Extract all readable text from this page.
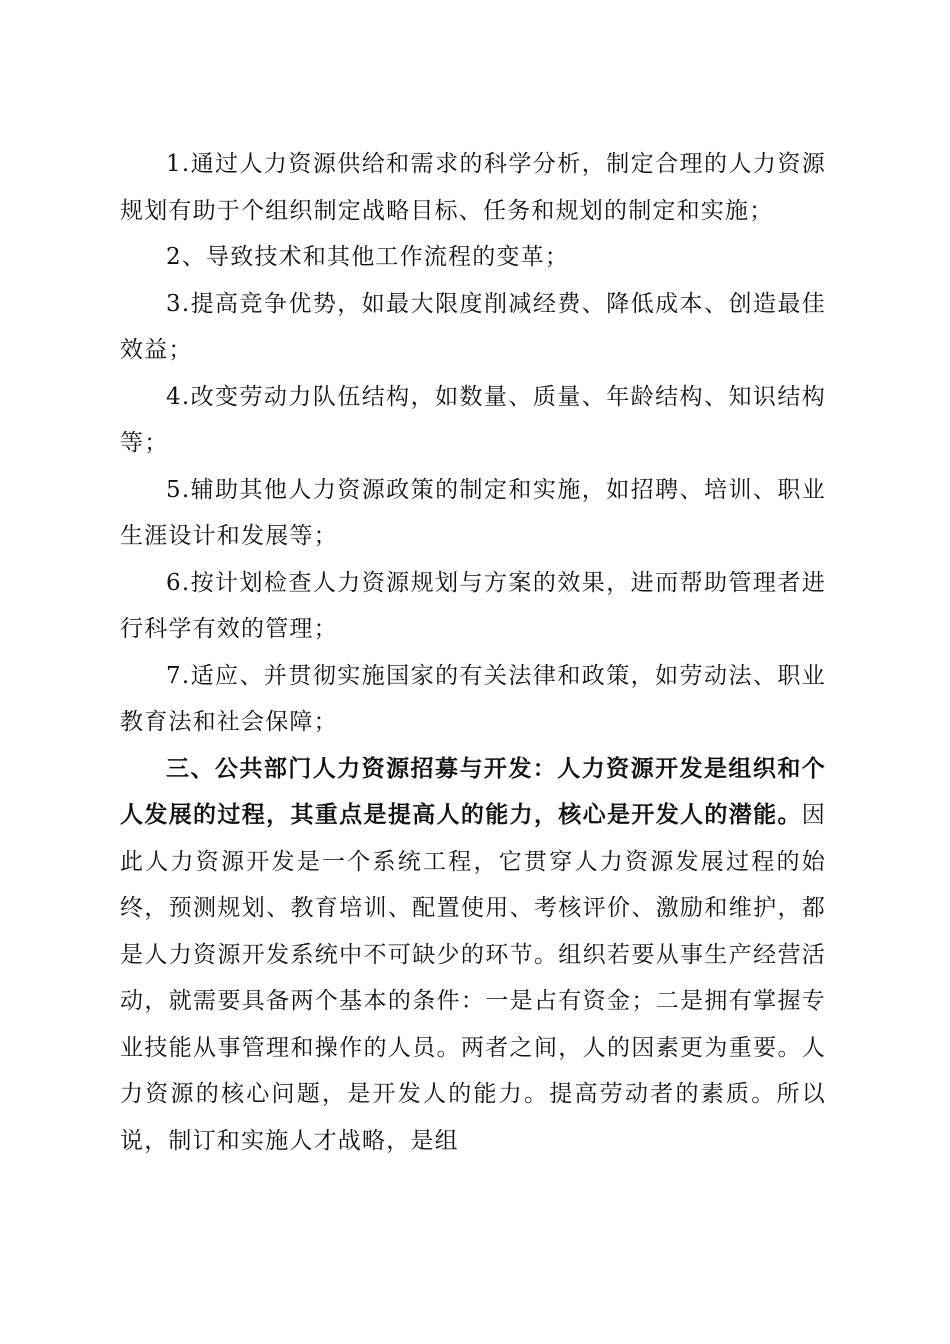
1.通过人力资源供给和需求的科学分析，制定合理的人力资源规划有助于个组织制定战略目标、任务和规划的制定和实施；

2、导致技术和其他工作流程的变革；

3.提高竞争优势，如最大限度削减经费、降低成本、创造最佳效益；

4.改变劳动力队伍结构，如数量、质量、年龄结构、知识结构等；

5.辅助其他人力资源政策的制定和实施，如招聘、培训、职业生涯设计和发展等；

6.按计划检查人力资源规划与方案的效果，进而帮助管理者进行科学有效的管理；

7.适应、并贯彻实施国家的有关法律和政策，如劳动法、职业教育法和社会保障；

三、公共部门人力资源招募与开发：人力资源开发是组织和个人发展的过程，其重点是提高人的能力，核心是开发人的潜能。因此人力资源开发是一个系统工程，它贯穿人力资源发展过程的始终，预测规划、教育培训、配置使用、考核评价、激励和维护，都是人力资源开发系统中不可缺少的环节。组织若要从事生产经营活动，就需要具备两个基本的条件：一是占有资金；二是拥有掌握专业技能从事管理和操作的人员。两者之间，人的因素更为重要。人力资源的核心问题，是开发人的能力。提高劳动者的素质。所以说，制订和实施人才战略，是组
